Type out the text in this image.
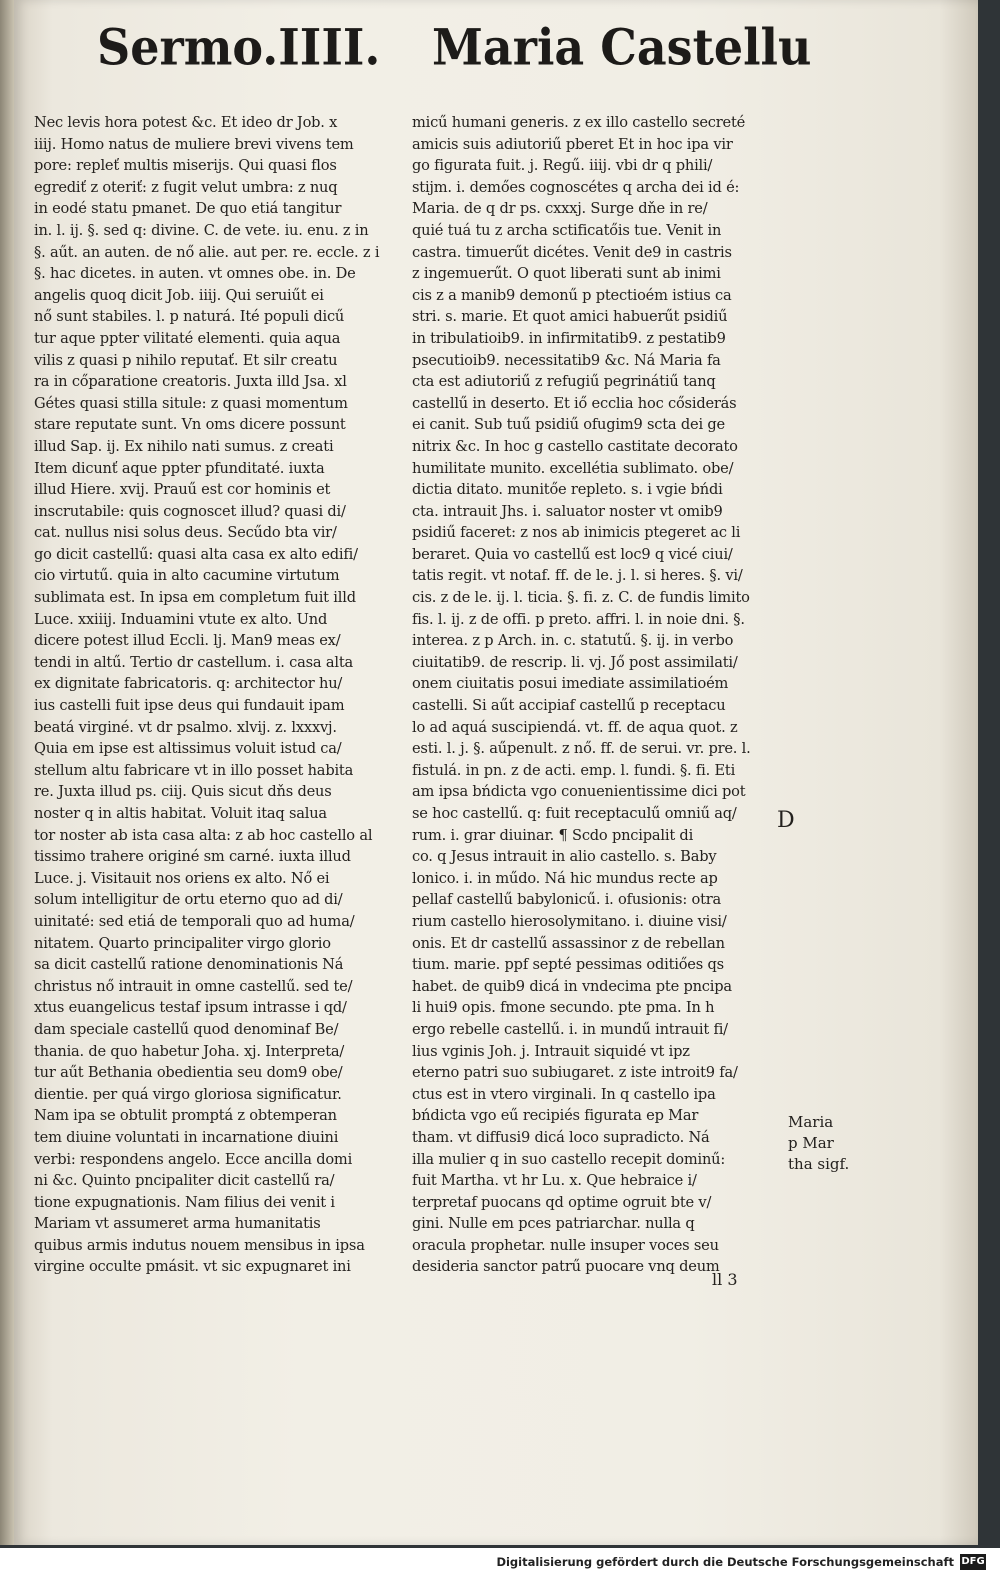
Sermo.IIII. Maria Castellu
Nec levis hora potest &c. Et ideo dr Job. x
iiij. Homo natus de muliere brevi vivens tem
pore: repleť multis miserijs. Qui quasi flos
egrediť z oteriť: z fugit velut umbra: z nuq
in eodé statu pmanet. De quo etiá tangitur
in. l. ij. §. sed q: divine. C. de vete. iu. enu. z in
§. aűt. an auten. de nő alie. aut per. re. eccle. z i
§. hac dicetes. in auten. vt omnes obe. in. De
angelis quoq dicit Job. iiij. Qui seruiűt ei
nő sunt stabiles. l. p naturá. Ité populi dicű
tur aque ppter vilitaté elementi. quia aqua
vilis z quasi p nihilo reputať. Et silr creatu
ra in cőparatione creatoris. Juxta illd Jsa. xl
Gétes quasi stilla situle: z quasi momentum
stare reputate sunt. Vn oms dicere possunt
illud Sap. ij. Ex nihilo nati sumus. z creati
Item dicunť aque ppter pfunditaté. iuxta
illud Hiere. xvij. Prauű est cor hominis et
inscrutabile: quis cognoscet illud? quasi di/
cat. nullus nisi solus deus. Secűdo bta vir/
go dicit castellű: quasi alta casa ex alto edifi/
cio virtutű. quia in alto cacumine virtutum
sublimata est. In ipsa em completum fuit illd
Luce. xxiiij. Induamini vtute ex alto. Und
dicere potest illud Eccli. lj. Man9 meas ex/
tendi in altű. Tertio dr castellum. i. casa alta
ex dignitate fabricatoris. q: architector hu/
ius castelli fuit ipse deus qui fundauit ipam
beatá virginé. vt dr psalmo. xlvij. z. lxxxvj.
Quia em ipse est altissimus voluit istud ca/
stellum altu fabricare vt in illo posset habita
re. Juxta illud ps. ciij. Quis sicut dňs deus
noster q in altis habitat. Voluit itaq salua
tor noster ab ista casa alta: z ab hoc castello al
tissimo trahere originé sm carné. iuxta illud
Luce. j. Visitauit nos oriens ex alto. Nő ei
solum intelligitur de ortu eterno quo ad di/
uinitaté: sed etiá de temporali quo ad huma/
nitatem. Quarto principaliter virgo glorio
sa dicit castellű ratione denominationis Ná
christus nő intrauit in omne castellű. sed te/
xtus euangelicus testaf ipsum intrasse i qd/
dam speciale castellű quod denominaf Be/
thania. de quo habetur Joha. xj. Interpreta/
tur aűt Bethania obedientia seu dom9 obe/
dientie. per quá virgo gloriosa significatur.
Nam ipa se obtulit promptá z obtemperan
tem diuine voluntati in incarnatione diuini
verbi: respondens angelo. Ecce ancilla domi
ni &c. Quinto pncipaliter dicit castellű ra/
tione expugnationis. Nam filius dei venit i
Mariam vt assumeret arma humanitatis
quibus armis indutus nouem mensibus in ipsa
virgine occulte pmásit. vt sic expugnaret ini
micű humani generis. z ex illo castello secreté
amicis suis adiutoriű pberet Et in hoc ipa vir
go figurata fuit. j. Regű. iiij. vbi dr q phili/
stijm. i. demőes cognoscétes q archa dei id é:
Maria. de q dr ps. cxxxj. Surge dňe in re/
quié tuá tu z archa sctificatőis tue. Venit in
castra. timuerűt dicétes. Venit de9 in castris
z ingemuerűt. O quot liberati sunt ab inimi
cis z a manib9 demonű p ptectioém istius ca
stri. s. marie. Et quot amici habuerűt psidiű
in tribulatioib9. in infirmitatib9. z pestatib9
psecutioib9. necessitatib9 &c. Ná Maria fa
cta est adiutoriű z refugiű pegrinátiű tanq
castellű in deserto. Et iő ecclia hoc cősiderás
ei canit. Sub tuű psidiű ofugim9 scta dei ge
nitrix &c. In hoc g castello castitate decorato
humilitate munito. excellétia sublimato. obe/
dictia ditato. munitőe repleto. s. i vgie bńdi
cta. intrauit Jhs. i. saluator noster vt omib9
psidiű faceret: z nos ab inimicis ptegeret ac li
beraret. Quia vo castellű est loc9 q vicé ciui/
tatis regit. vt notaf. ff. de le. j. l. si heres. §. vi/
cis. z de le. ij. l. ticia. §. fi. z. C. de fundis limito
fis. l. ij. z de offi. p preto. affri. l. in noie dni. §.
interea. z p Arch. in. c. statutű. §. ij. in verbo
ciuitatib9. de rescrip. li. vj. Jő post assimilati/
onem ciuitatis posui imediate assimilatioém
castelli. Si aűt accipiaf castellű p receptacu
lo ad aquá suscipiendá. vt. ff. de aqua quot. z
esti. l. j. §. aűpenult. z nő. ff. de serui. vr. pre. l.
fistulá. in pn. z de acti. emp. l. fundi. §. fi. Eti
am ipsa bńdicta vgo conuenientissime dici pot
se hoc castellű. q: fuit receptaculű omniű aq/
rum. i. grar diuinar. ¶ Scdo pncipalit di
co. q Jesus intrauit in alio castello. s. Baby
lonico. i. in műdo. Ná hic mundus recte ap
pellaf castellű babylonicű. i. ofusionis: otra
rium castello hierosolymitano. i. diuine visi/
onis. Et dr castellű assassinor z de rebellan
tium. marie. ppf septé pessimas oditiőes qs
habet. de quib9 dicá in vndecima pte pncipa
li hui9 opis. fmone secundo. pte pma. In h
ergo rebelle castellű. i. in mundű intrauit fi/
lius vginis Joh. j. Intrauit siquidé vt ipz
eterno patri suo subiugaret. z iste introit9 fa/
ctus est in vtero virginali. In q castello ipa
bńdicta vgo eű recipiés figurata ep Mar
tham. vt diffusi9 dicá loco supradicto. Ná
illa mulier q in suo castello recepit dominű:
fuit Martha. vt hr Lu. x. Que hebraice i/
terpretaf puocans qd optime ogruit bte v/
gini. Nulle em pces patriarchar. nulla q
oracula prophetar. nulle insuper voces seu
desideria sanctor patrű puocare vnq deum
D
Maria
p Mar
tha sigf.
ll 3
Digitalisierung gefördert durch die Deutsche Forschungsgemeinschaft DFG
